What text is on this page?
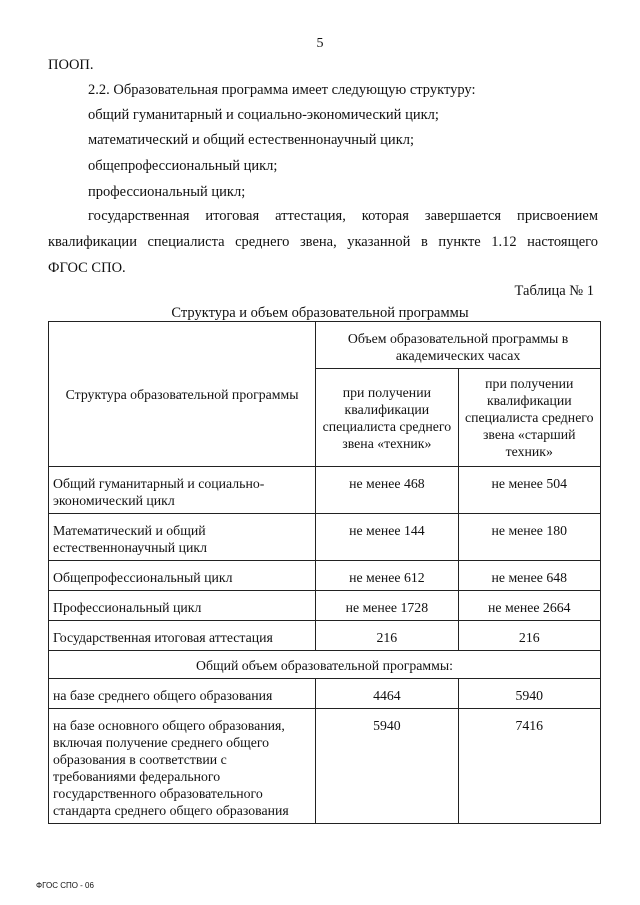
5
ПООП.
2.2. Образовательная программа имеет следующую структуру:
общий гуманитарный и социально-экономический цикл;
математический и общий естественнонаучный цикл;
общепрофессиональный цикл;
профессиональный цикл;
государственная итоговая аттестация, которая завершается присвоением
квалификации специалиста среднего звена, указанной в пункте 1.12 настоящего
ФГОС СПО.
Таблица № 1
Структура и объем образовательной программы
Структура образовательной программы	Объем образовательной программы в академических часах	
	при получении квалификации специалиста среднего звена «техник»	при получении квалификации специалиста среднего звена «старший техник»
Общий гуманитарный и социально-экономический цикл	не менее 468	не менее 504
Математический и общий естественнонаучный цикл	не менее 144	не менее 180
Общепрофессиональный цикл	не менее 612	не менее 648
Профессиональный цикл	не менее 1728	не менее 2664
Государственная итоговая аттестация	216	216
Общий объем образовательной программы:		
на базе среднего общего образования	4464	5940
на базе основного общего образования, включая получение среднего общего образования в соответствии с требованиями федерального государственного образовательного стандарта среднего общего образования	5940	7416
ФГОС СПО - 06
